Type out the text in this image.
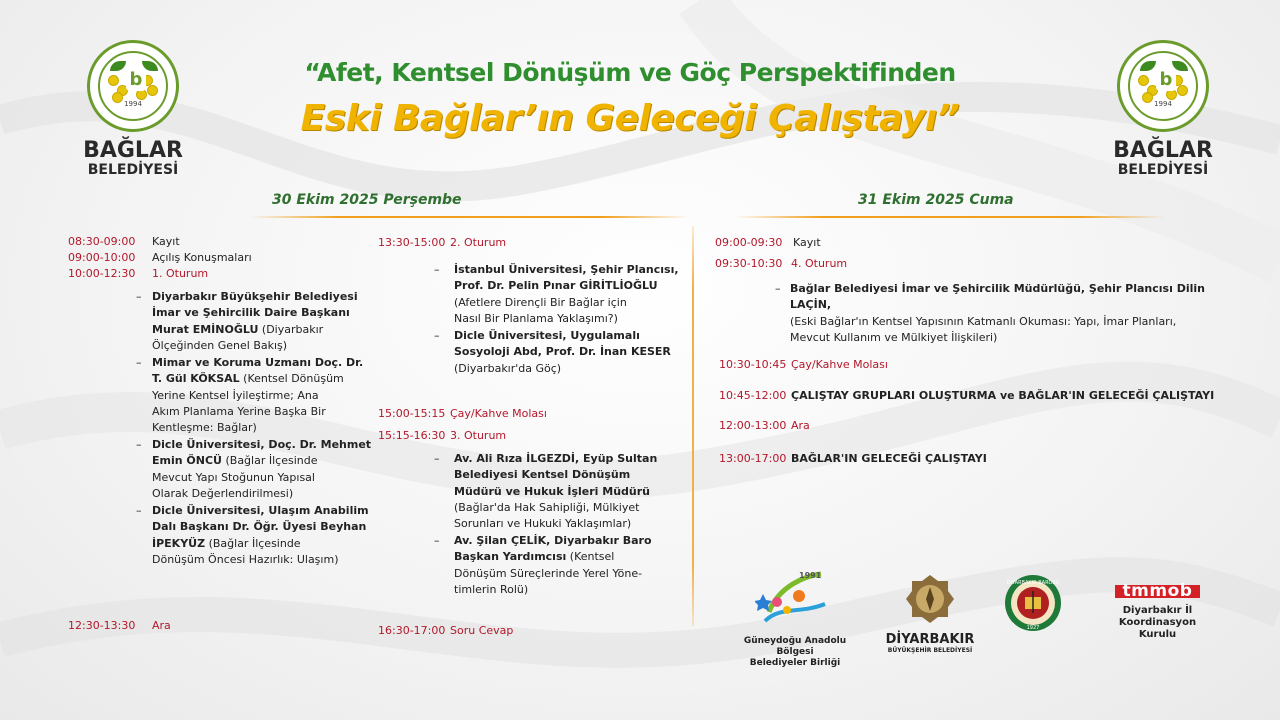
b
1994
BAĞLAR
BELEDİYESİ
b
1994
BAĞLAR
BELEDİYESİ
“Afet, Kentsel Dönüşüm ve Göç Perspektifinden
Eski Bağlar’ın Geleceği Çalıştayı”
30 Ekim 2025 Perşembe	31 Ekim 2025 Cuma
08:30-09:00 Kayıt
09:00-10:00 Açılış Konuşmaları
10:00-12:30 1. Oturum
– Diyarbakır Büyükşehir Belediyesi
İmar ve Şehircilik Daire Başkanı
Murat EMİNOĞLU (Diyarbakır
Ölçeğinden Genel Bakış)
– Mimar ve Koruma Uzmanı Doç. Dr.
T. Gül KÖKSAL (Kentsel Dönüşüm
Yerine Kentsel İyileştirme; Ana
Akım Planlama Yerine Başka Bir
Kentleşme: Bağlar)
– Dicle Üniversitesi, Doç. Dr. Mehmet
Emin ÖNCÜ (Bağlar İlçesinde
Mevcut Yapı Stoğunun Yapısal
Olarak Değerlendirilmesi)
– Dicle Üniversitesi, Ulaşım Anabilim
Dalı Başkanı Dr. Öğr. Üyesi Beyhan
İPEKYÜZ (Bağlar İlçesinde
Dönüşüm Öncesi Hazırlık: Ulaşım)
12:30-13:30 Ara
13:30-15:00 2. Oturum
– İstanbul Üniversitesi, Şehir Plancısı,
Prof. Dr. Pelin Pınar GİRİTLİOĞLU
(Afetlere Dirençli Bir Bağlar için
Nasıl Bir Planlama Yaklaşımı?)
– Dicle Üniversitesi, Uygulamalı
Sosyoloji Abd, Prof. Dr. İnan KESER
(Diyarbakır'da Göç)
15:00-15:15 Çay/Kahve Molası
15:15-16:30 3. Oturum
– Av. Ali Rıza İLGEZDİ, Eyüp Sultan
Belediyesi Kentsel Dönüşüm
Müdürü ve Hukuk İşleri Müdürü
(Bağlar'da Hak Sahipliği, Mülkiyet
Sorunları ve Hukuki Yaklaşımlar)
– Av. Şilan ÇELİK, Diyarbakır Baro
Başkan Yardımcısı (Kentsel
Dönüşüm Süreçlerinde Yerel Yöne-
timlerin Rolü)
16:30-17:00 Soru Cevap
09:00-09:30 Kayıt
09:30-10:30 4. Oturum
– Bağlar Belediyesi İmar ve Şehircilik Müdürlüğü, Şehir Plancısı Dilin LAÇİN,
(Eski Bağlar'ın Kentsel Yapısının Katmanlı Okuması: Yapı, İmar Planları,
Mevcut Kullanım ve Mülkiyet İlişkileri)
10:30-10:45 Çay/Kahve Molası
10:45-12:00 ÇALIŞTAY GRUPLARI OLUŞTURMA ve BAĞLAR'IN GELECEĞİ ÇALIŞTAYI
12:00-13:00 Ara
13:00-17:00 BAĞLAR'IN GELECEĞİ ÇALIŞTAYI
1991
Güneydoğu Anadolu Bölgesi
Belediyeler Birliği
DİYARBAKIR
BÜYÜKŞEHİR BELEDİYESİ
DİYARBAKIR BAROSU
1927
tmmob
Diyarbakır İl Koordinasyon
Kurulu
